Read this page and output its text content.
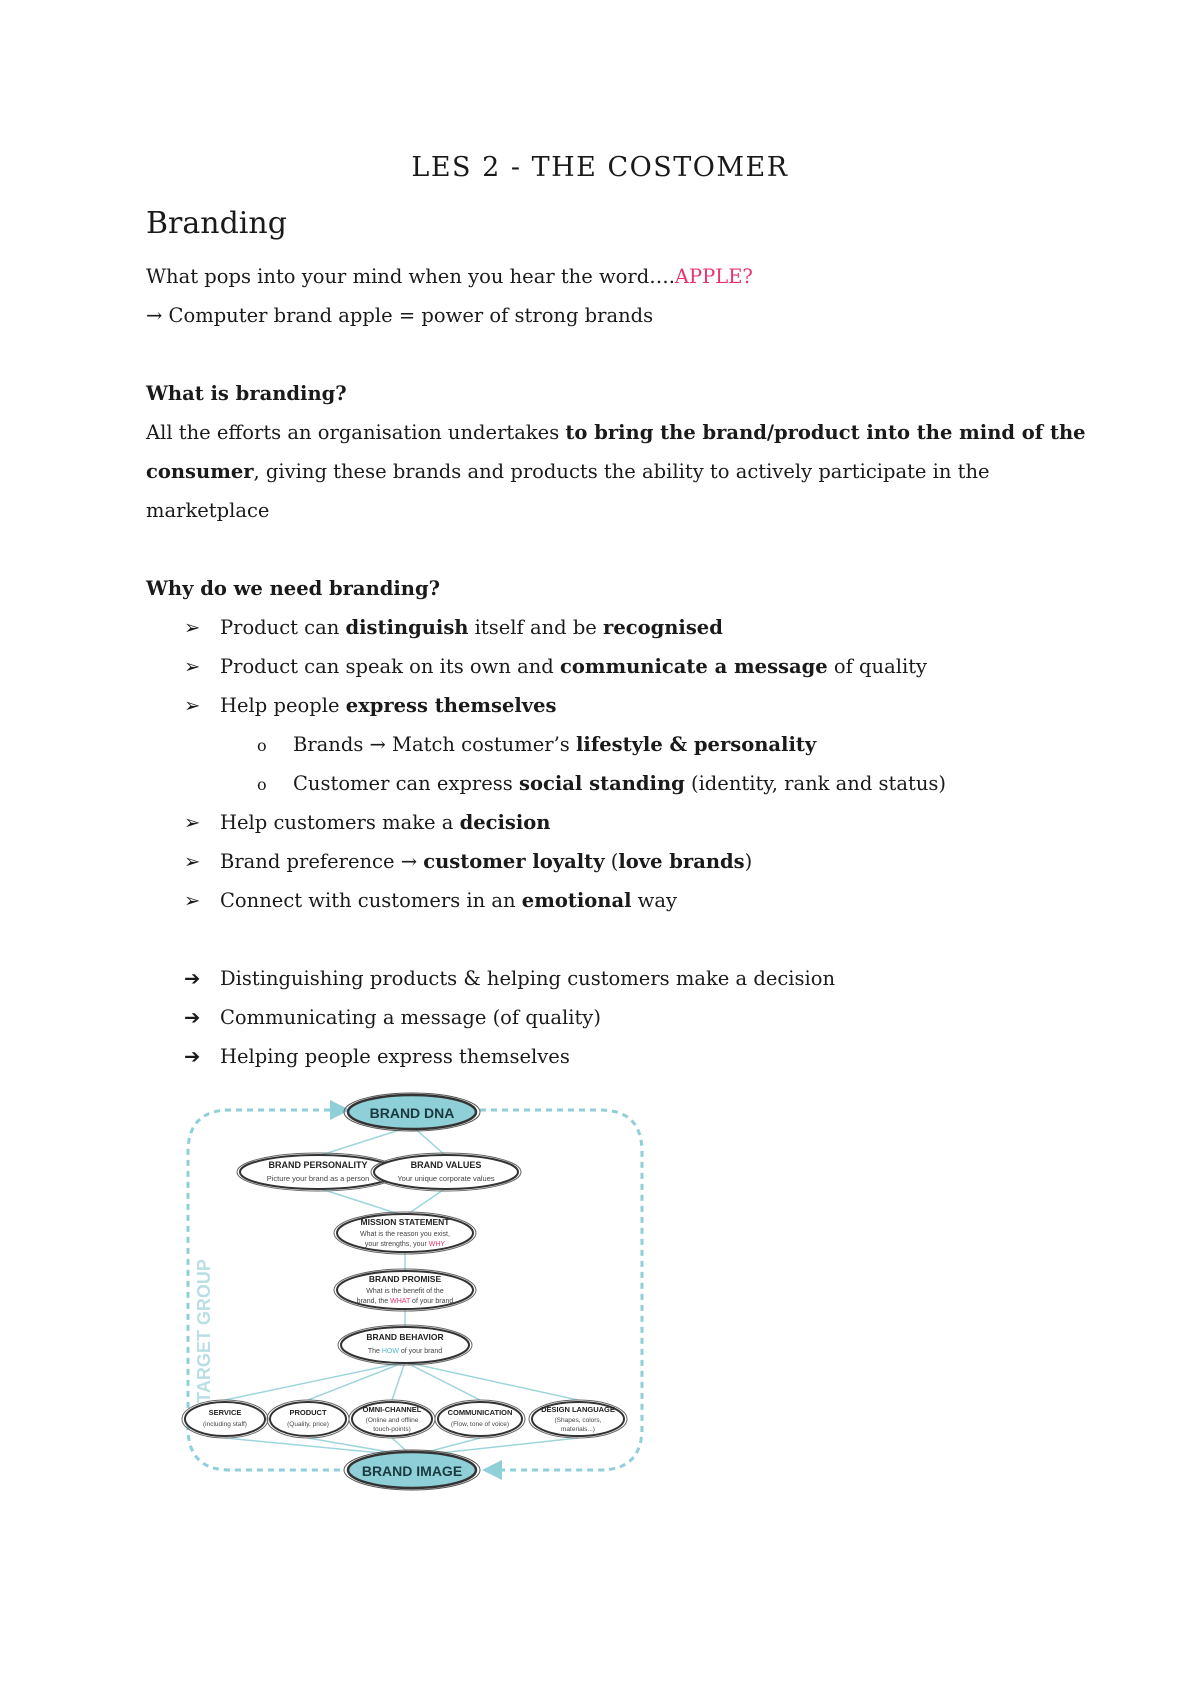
LES 2 - THE COSTOMER
Branding
What pops into your mind when you hear the word….APPLE?
→ Computer brand apple = power of strong brands
What is branding?
All the efforts an organisation undertakes to bring the brand/product into the mind of the
consumer, giving these brands and products the ability to actively participate in the
marketplace
Why do we need branding?
➢	Product can distinguish itself and be recognised
➢	Product can speak on its own and communicate a message of quality
➢	Help people express themselves
o	Brands → Match costumer’s lifestyle & personality
o	Customer can express social standing (identity, rank and status)
➢	Help customers make a decision
➢	Brand preference → customer loyalty (love brands)
➢	Connect with customers in an emotional way
➔	Distinguishing products & helping customers make a decision
➔	Communicating a message (of quality)
➔	Helping people express themselves
TARGET GROUP
BRAND DNA
BRAND PERSONALITY
Picture your brand as a person
BRAND VALUES
Your unique corporate values
MISSION STATEMENT
What is the reason you exist,
your strengths, your WHY
BRAND PROMISE
What is the benefit of the
brand, the WHAT of your brand
BRAND BEHAVIOR
The HOW of your brand
SERVICE
(including staff)
PRODUCT
(Quality, price)
OMNI-CHANNEL
(Online and offline
touch-points)
COMMUNICATION
(Flow, tone of voice)
DESIGN LANGUAGE
(Shapes, colors,
materials...)
BRAND IMAGE
